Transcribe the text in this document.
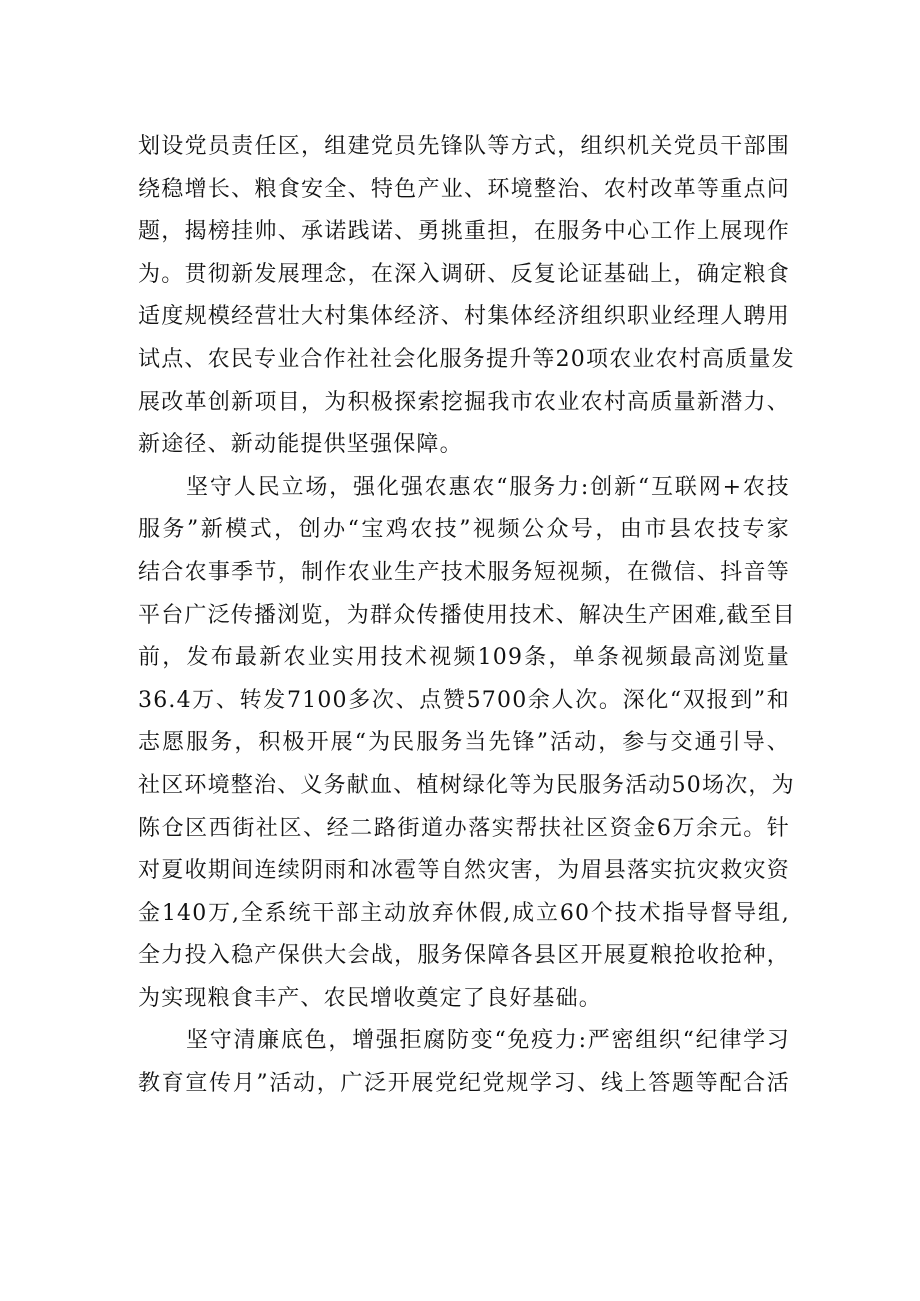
划设党员责任区，组建党员先锋队等方式，组织机关党员干部围
绕稳增长、粮食安全、特色产业、环境整治、农村改革等重点问
题，揭榜挂帅、承诺践诺、勇挑重担，在服务中心工作上展现作
为。贯彻新发展理念，在深入调研、反复论证基础上，确定粮食
适度规模经营壮大村集体经济、村集体经济组织职业经理人聘用
试点、农民专业合作社社会化服务提升等20项农业农村高质量发
展改革创新项目，为积极探索挖掘我市农业农村高质量新潜力、
新途径、新动能提供坚强保障。
坚守人民立场，强化强农惠农“服务力:创新“互联网+农技
服务”新模式，创办“宝鸡农技”视频公众号，由市县农技专家
结合农事季节，制作农业生产技术服务短视频，在微信、抖音等
平台广泛传播浏览，为群众传播使用技术、解决生产困难,截至目
前，发布最新农业实用技术视频109条，单条视频最高浏览量
36.4万、转发7100多次、点赞5700余人次。深化“双报到”和
志愿服务，积极开展“为民服务当先锋”活动，参与交通引导、
社区环境整治、义务献血、植树绿化等为民服务活动50场次，为
陈仓区西街社区、经二路街道办落实帮扶社区资金6万余元。针
对夏收期间连续阴雨和冰雹等自然灾害，为眉县落实抗灾救灾资
金140万,全系统干部主动放弃休假,成立60个技术指导督导组,
全力投入稳产保供大会战，服务保障各县区开展夏粮抢收抢种，
为实现粮食丰产、农民增收奠定了良好基础。
坚守清廉底色，增强拒腐防变“免疫力:严密组织“纪律学习
教育宣传月”活动，广泛开展党纪党规学习、线上答题等配合活
